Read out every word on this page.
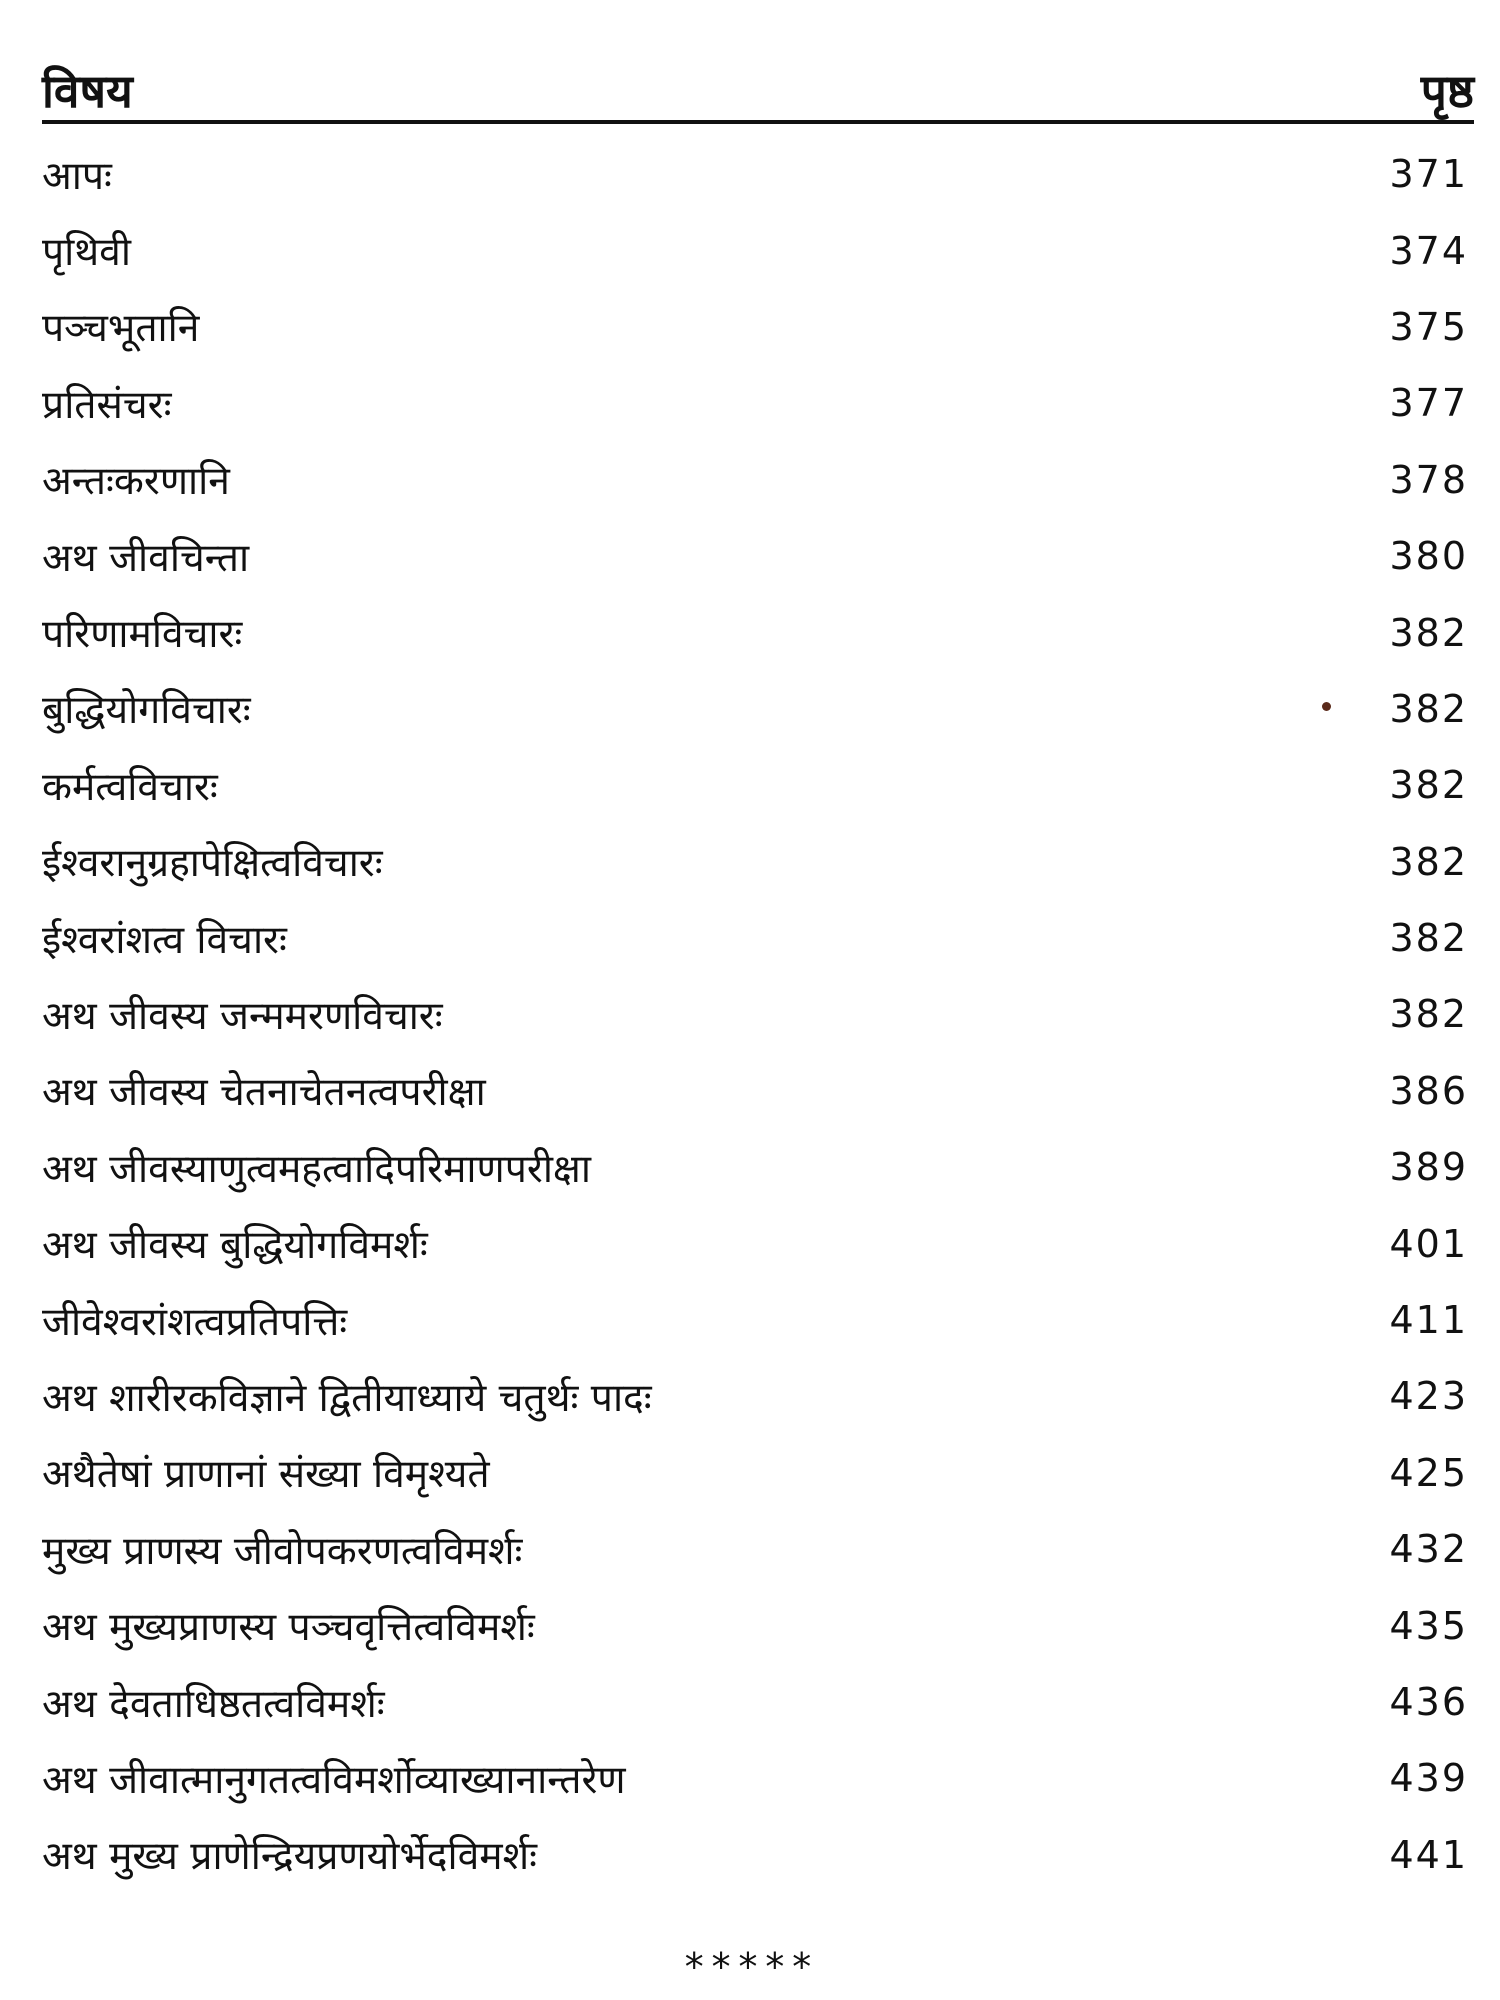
विषय	पृष्ठ
आपः	371
पृथिवी	374
पञ्चभूतानि	375
प्रतिसंचरः	377
अन्तःकरणानि	378
अथ जीवचिन्ता	380
परिणामविचारः	382
बुद्धियोगविचारः	382
कर्मत्वविचारः	382
ईश्वरानुग्रहापेक्षित्वविचारः	382
ईश्वरांशत्व विचारः	382
अथ जीवस्य जन्ममरणविचारः	382
अथ जीवस्य चेतनाचेतनत्वपरीक्षा	386
अथ जीवस्याणुत्वमहत्वादिपरिमाणपरीक्षा	389
अथ जीवस्य बुद्धियोगविमर्शः	401
जीवेश्वरांशत्वप्रतिपत्तिः	411
अथ शारीरकविज्ञाने द्वितीयाध्याये चतुर्थः पादः	423
अथैतेषां प्राणानां संख्या विमृश्यते	425
मुख्य प्राणस्य जीवोपकरणत्वविमर्शः	432
अथ मुख्यप्राणस्य पञ्चवृत्तित्वविमर्शः	435
अथ देवताधिष्ठतत्वविमर्शः	436
अथ जीवात्मानुगतत्वविमर्शोव्याख्यानान्तरेण	439
अथ मुख्य प्राणेन्द्रियप्रणयोर्भेदविमर्शः	441
*****
